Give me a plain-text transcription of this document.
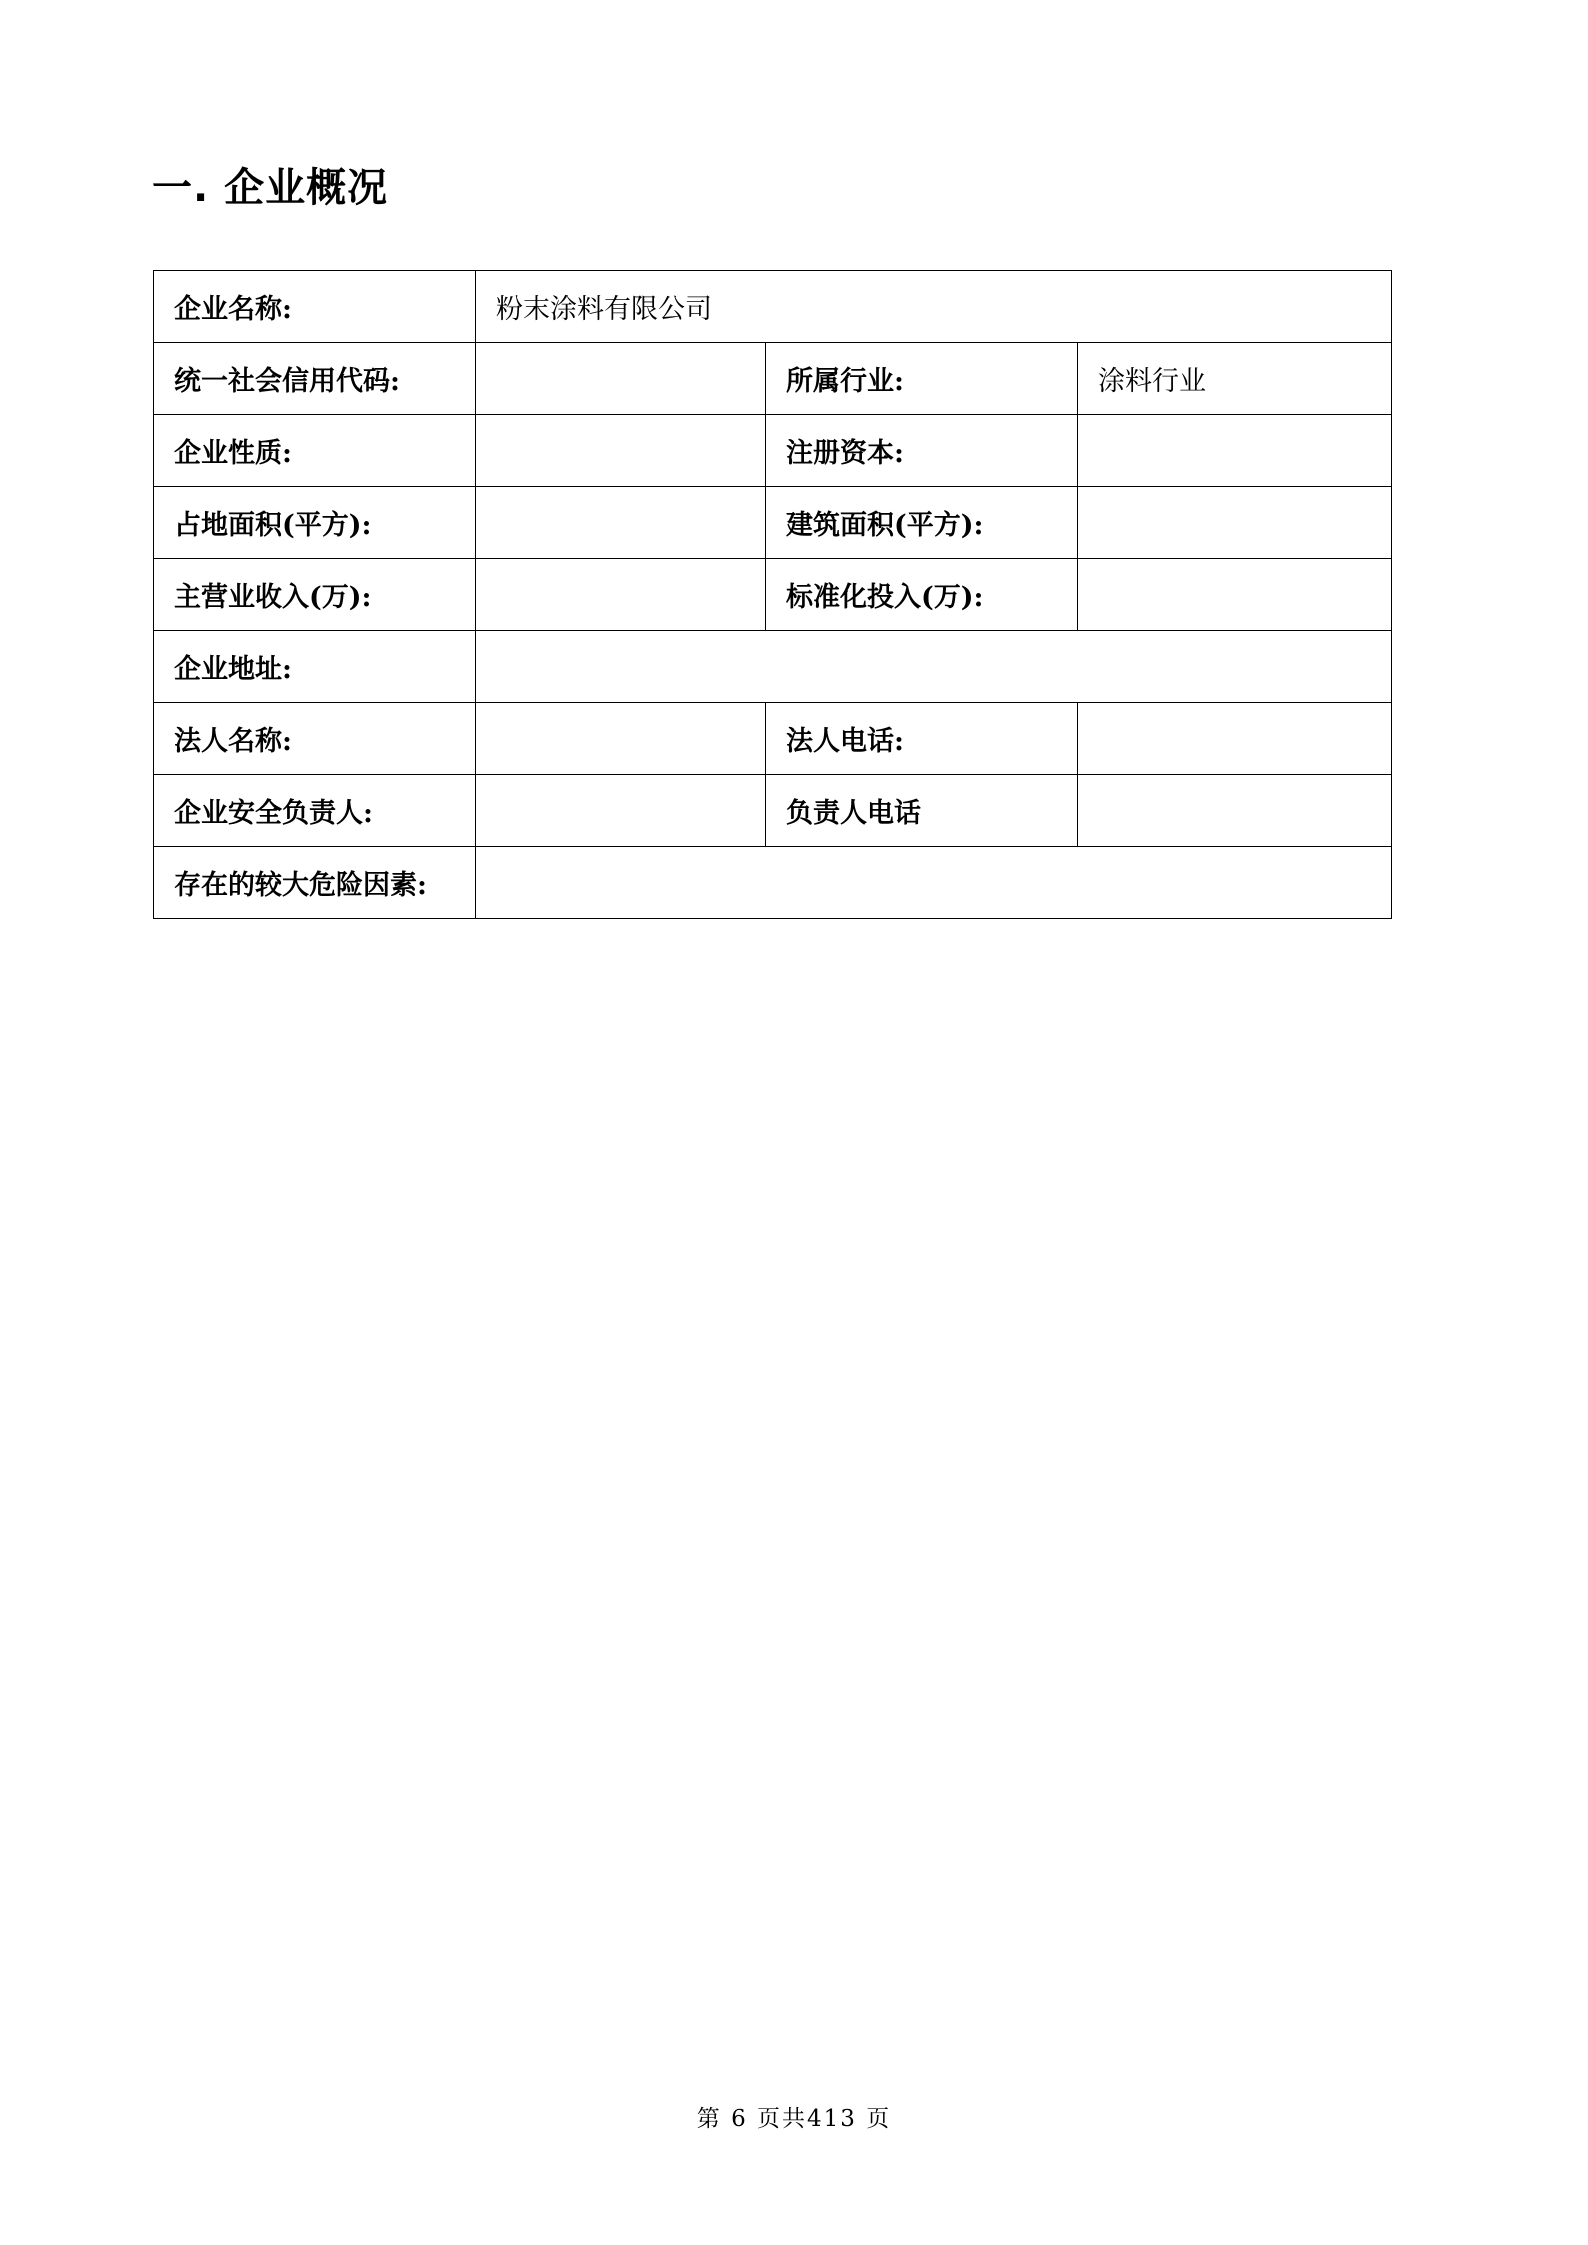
一. 企业概况
企业名称:	粉末涂料有限公司		
统一社会信用代码:		所属行业:	涂料行业
企业性质:		注册资本:	
占地面积(平方):		建筑面积(平方):	
主营业收入(万):		标准化投入(万):	
企业地址:			
法人名称:		法人电话:	
企业安全负责人:		负责人电话	
存在的较大危险因素:			
第 6 页共413 页
